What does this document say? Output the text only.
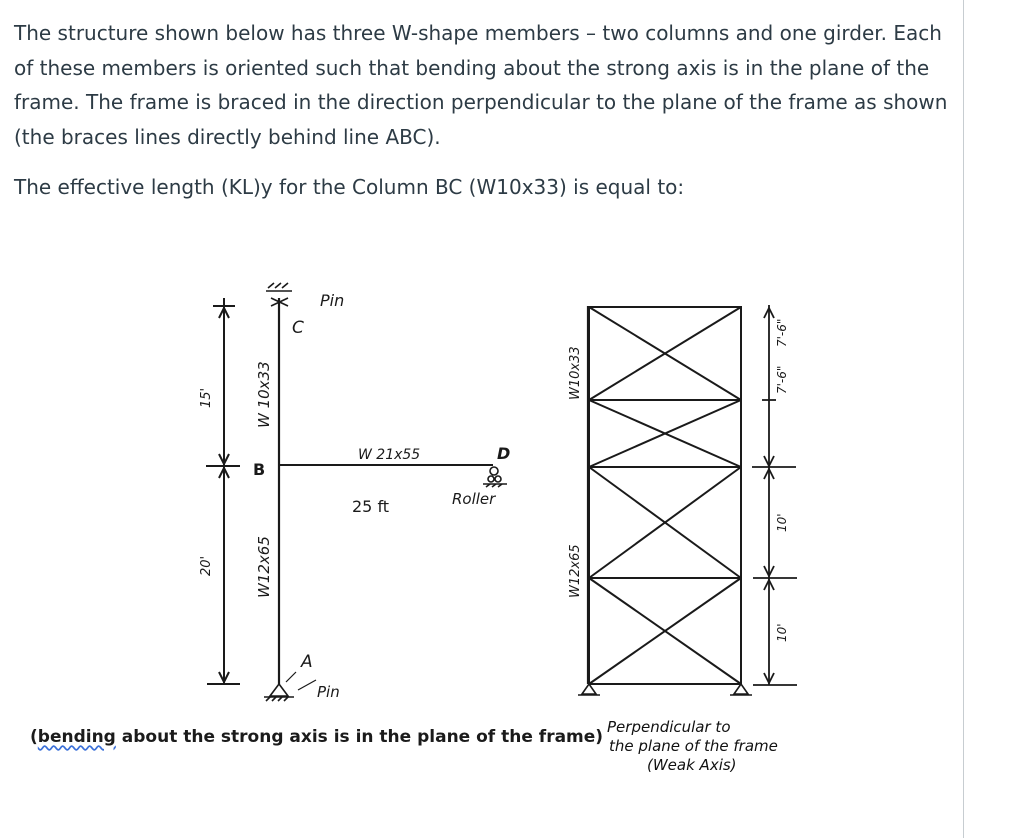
The structure shown below has three W-shape members – two columns and one girder. Each of these members is oriented such that bending about the strong axis is in the plane of the frame. The frame is braced in the direction perpendicular to the plane of the frame as shown (the braces lines directly behind line ABC).

The effective length (KL)y for the Column BC (W10x33) is equal to:

C
Pin
B
A
Pin
D
Roller
W 21x55
25 ft
W 10x33
W12x65
15'
20'
W10x33
W12x65
7'-6"
7'-6"
10'
10'
(bending about the strong axis is in the plane of the frame) Perpendicular to
the plane of the frame
(Weak Axis)
